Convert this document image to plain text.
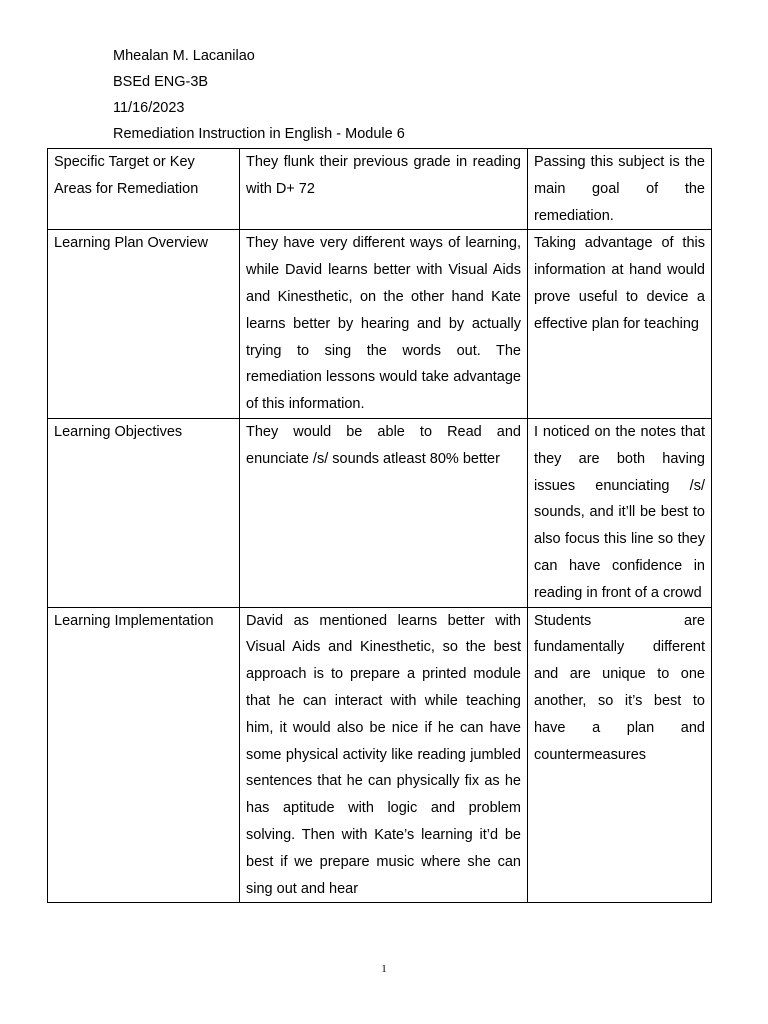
Mhealan M. Lacanilao
BSEd ENG-3B
11/16/2023
Remediation Instruction in English - Module 6
Specific Target or Key Areas for Remediation	They flunk their previous grade in reading with D+ 72	Passing this subject is the main goal of the remediation.
Learning Plan Overview	They have very different ways of learning, while David learns better with Visual Aids and Kinesthetic, on the other hand Kate learns better by hearing and by actually trying to sing the words out. The remediation lessons would take advantage of this information.	Taking advantage of this information at hand would prove useful to device a effective plan for teaching
Learning Objectives	They would be able to Read and enunciate /s/ sounds atleast 80% better	I noticed on the notes that they are both having issues enunciating /s/ sounds, and it’ll be best to also focus this line so they can have confidence in reading in front of a crowd
Learning Implementation	David as mentioned learns better with Visual Aids and Kinesthetic, so the best approach is to prepare a printed module that he can interact with while teaching him, it would also be nice if he can have some physical activity like reading jumbled sentences that he can physically fix as he has aptitude with logic and problem solving. Then with Kate’s learning it’d be best if we prepare music where she can sing out and hear	Students are fundamentally different and are unique to one another, so it’s best to have a plan and countermeasures
1
